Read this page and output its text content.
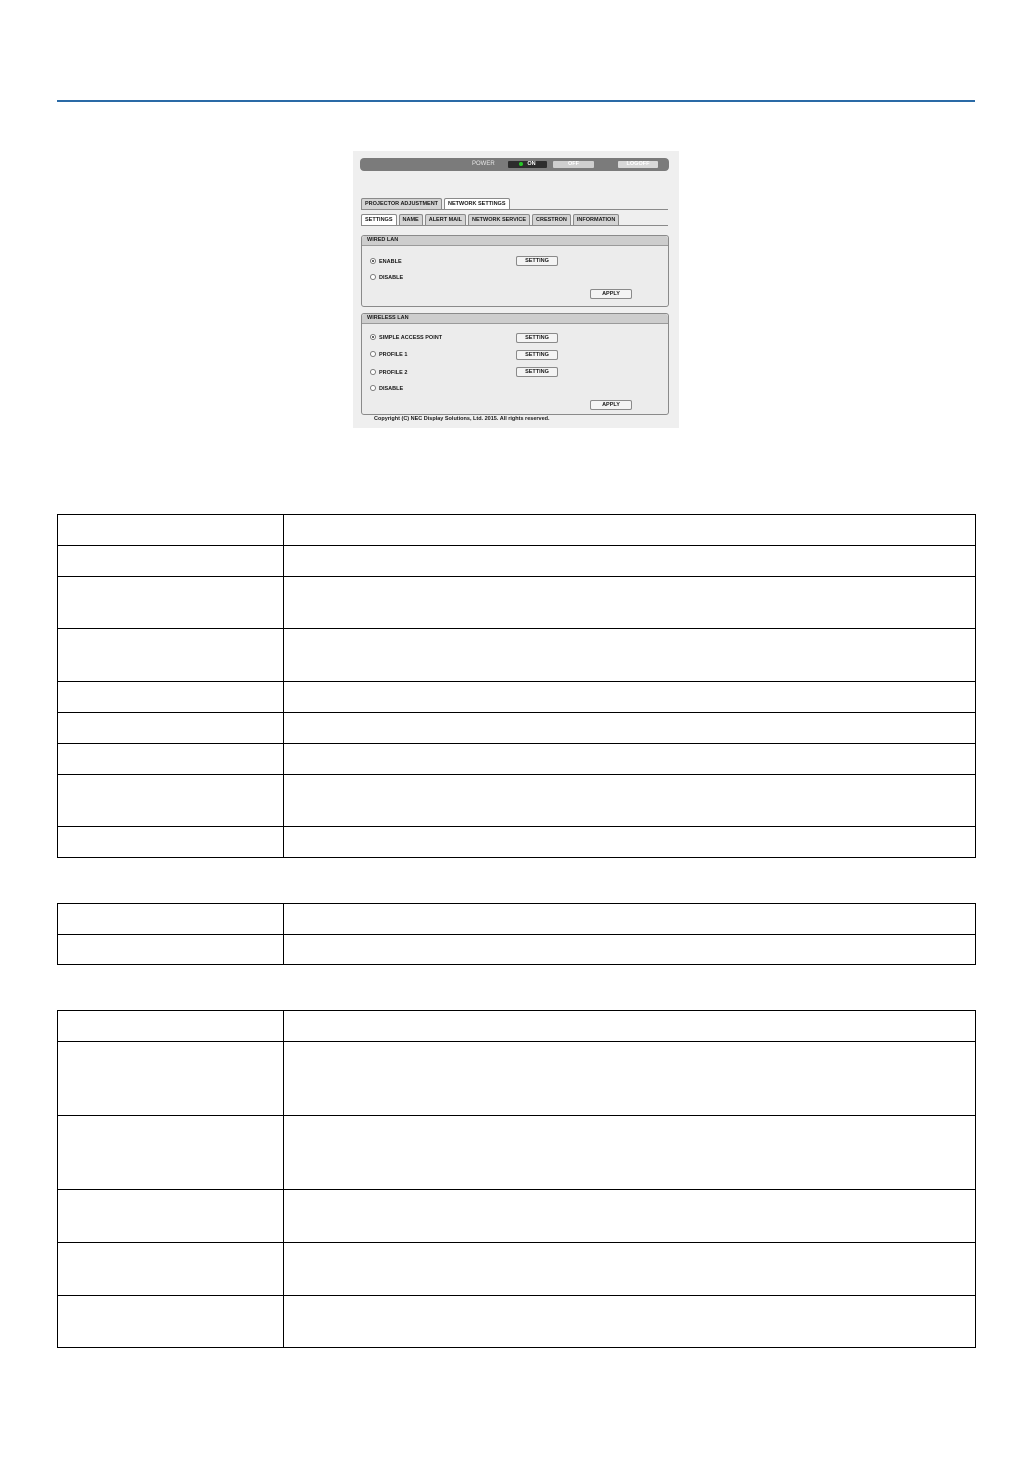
POWER	ON	OFF	LOGOFF
PROJECTOR ADJUSTMENT	NETWORK SETTINGS
SETTINGS	NAME	ALERT MAIL	NETWORK SERVICE	CRESTRON	INFORMATION
WIRED LAN
ENABLE
DISABLE
SETTING
APPLY
WIRELESS LAN
SIMPLE ACCESS POINT
PROFILE 1
PROFILE 2
DISABLE
SETTING
SETTING
SETTING
APPLY
Copyright (C) NEC Display Solutions, Ltd. 2015. All rights reserved.
